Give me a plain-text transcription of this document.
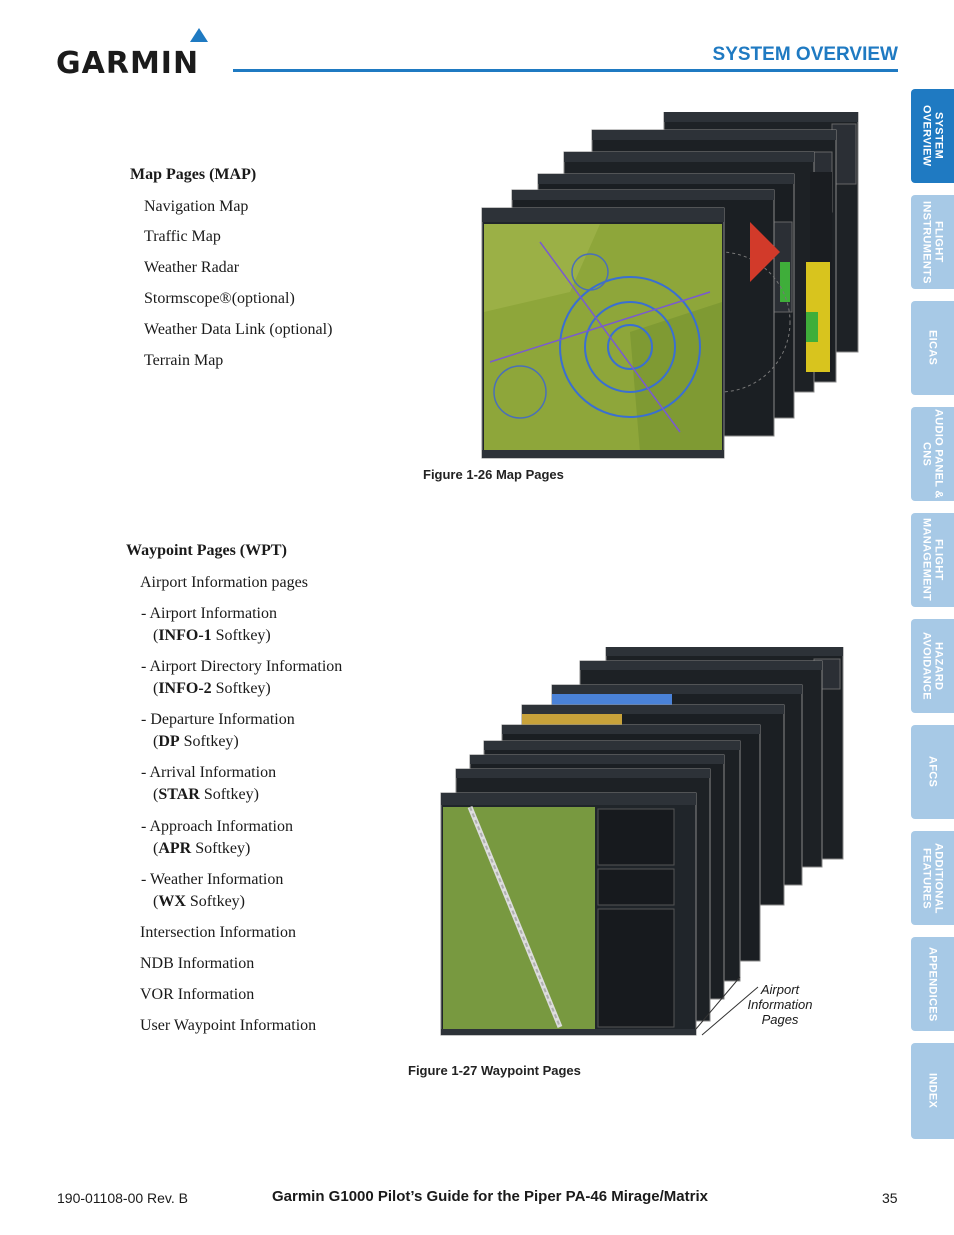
GARMIN	SYSTEM OVERVIEW
Map Pages (MAP)
Navigation Map
Traffic Map
Weather Radar
Stormscope®(optional)
Weather Data Link (optional)
Terrain Map
Figure 1-26 Map Pages
Waypoint Pages (WPT)
Airport Information pages
- Airport Information
(INFO-1 Softkey)
- Airport Directory Information
(INFO-2 Softkey)
- Departure Information
(DP Softkey)
- Arrival Information
(STAR Softkey)
- Approach Information
(APR Softkey)
- Weather Information
(WX Softkey)
Intersection Information
NDB Information
VOR Information
User Waypoint Information
Airport
Information
Pages
Figure 1-27 Waypoint Pages
SYSTEM OVERVIEW
FLIGHT INSTRUMENTS
EICAS
AUDIO PANEL & CNS
FLIGHT MANAGEMENT
HAZARD AVOIDANCE
AFCS
ADDITIONAL FEATURES
APPENDICES
INDEX
190-01108-00 Rev. B	Garmin G1000 Pilot’s Guide for the Piper PA-46 Mirage/Matrix	35
